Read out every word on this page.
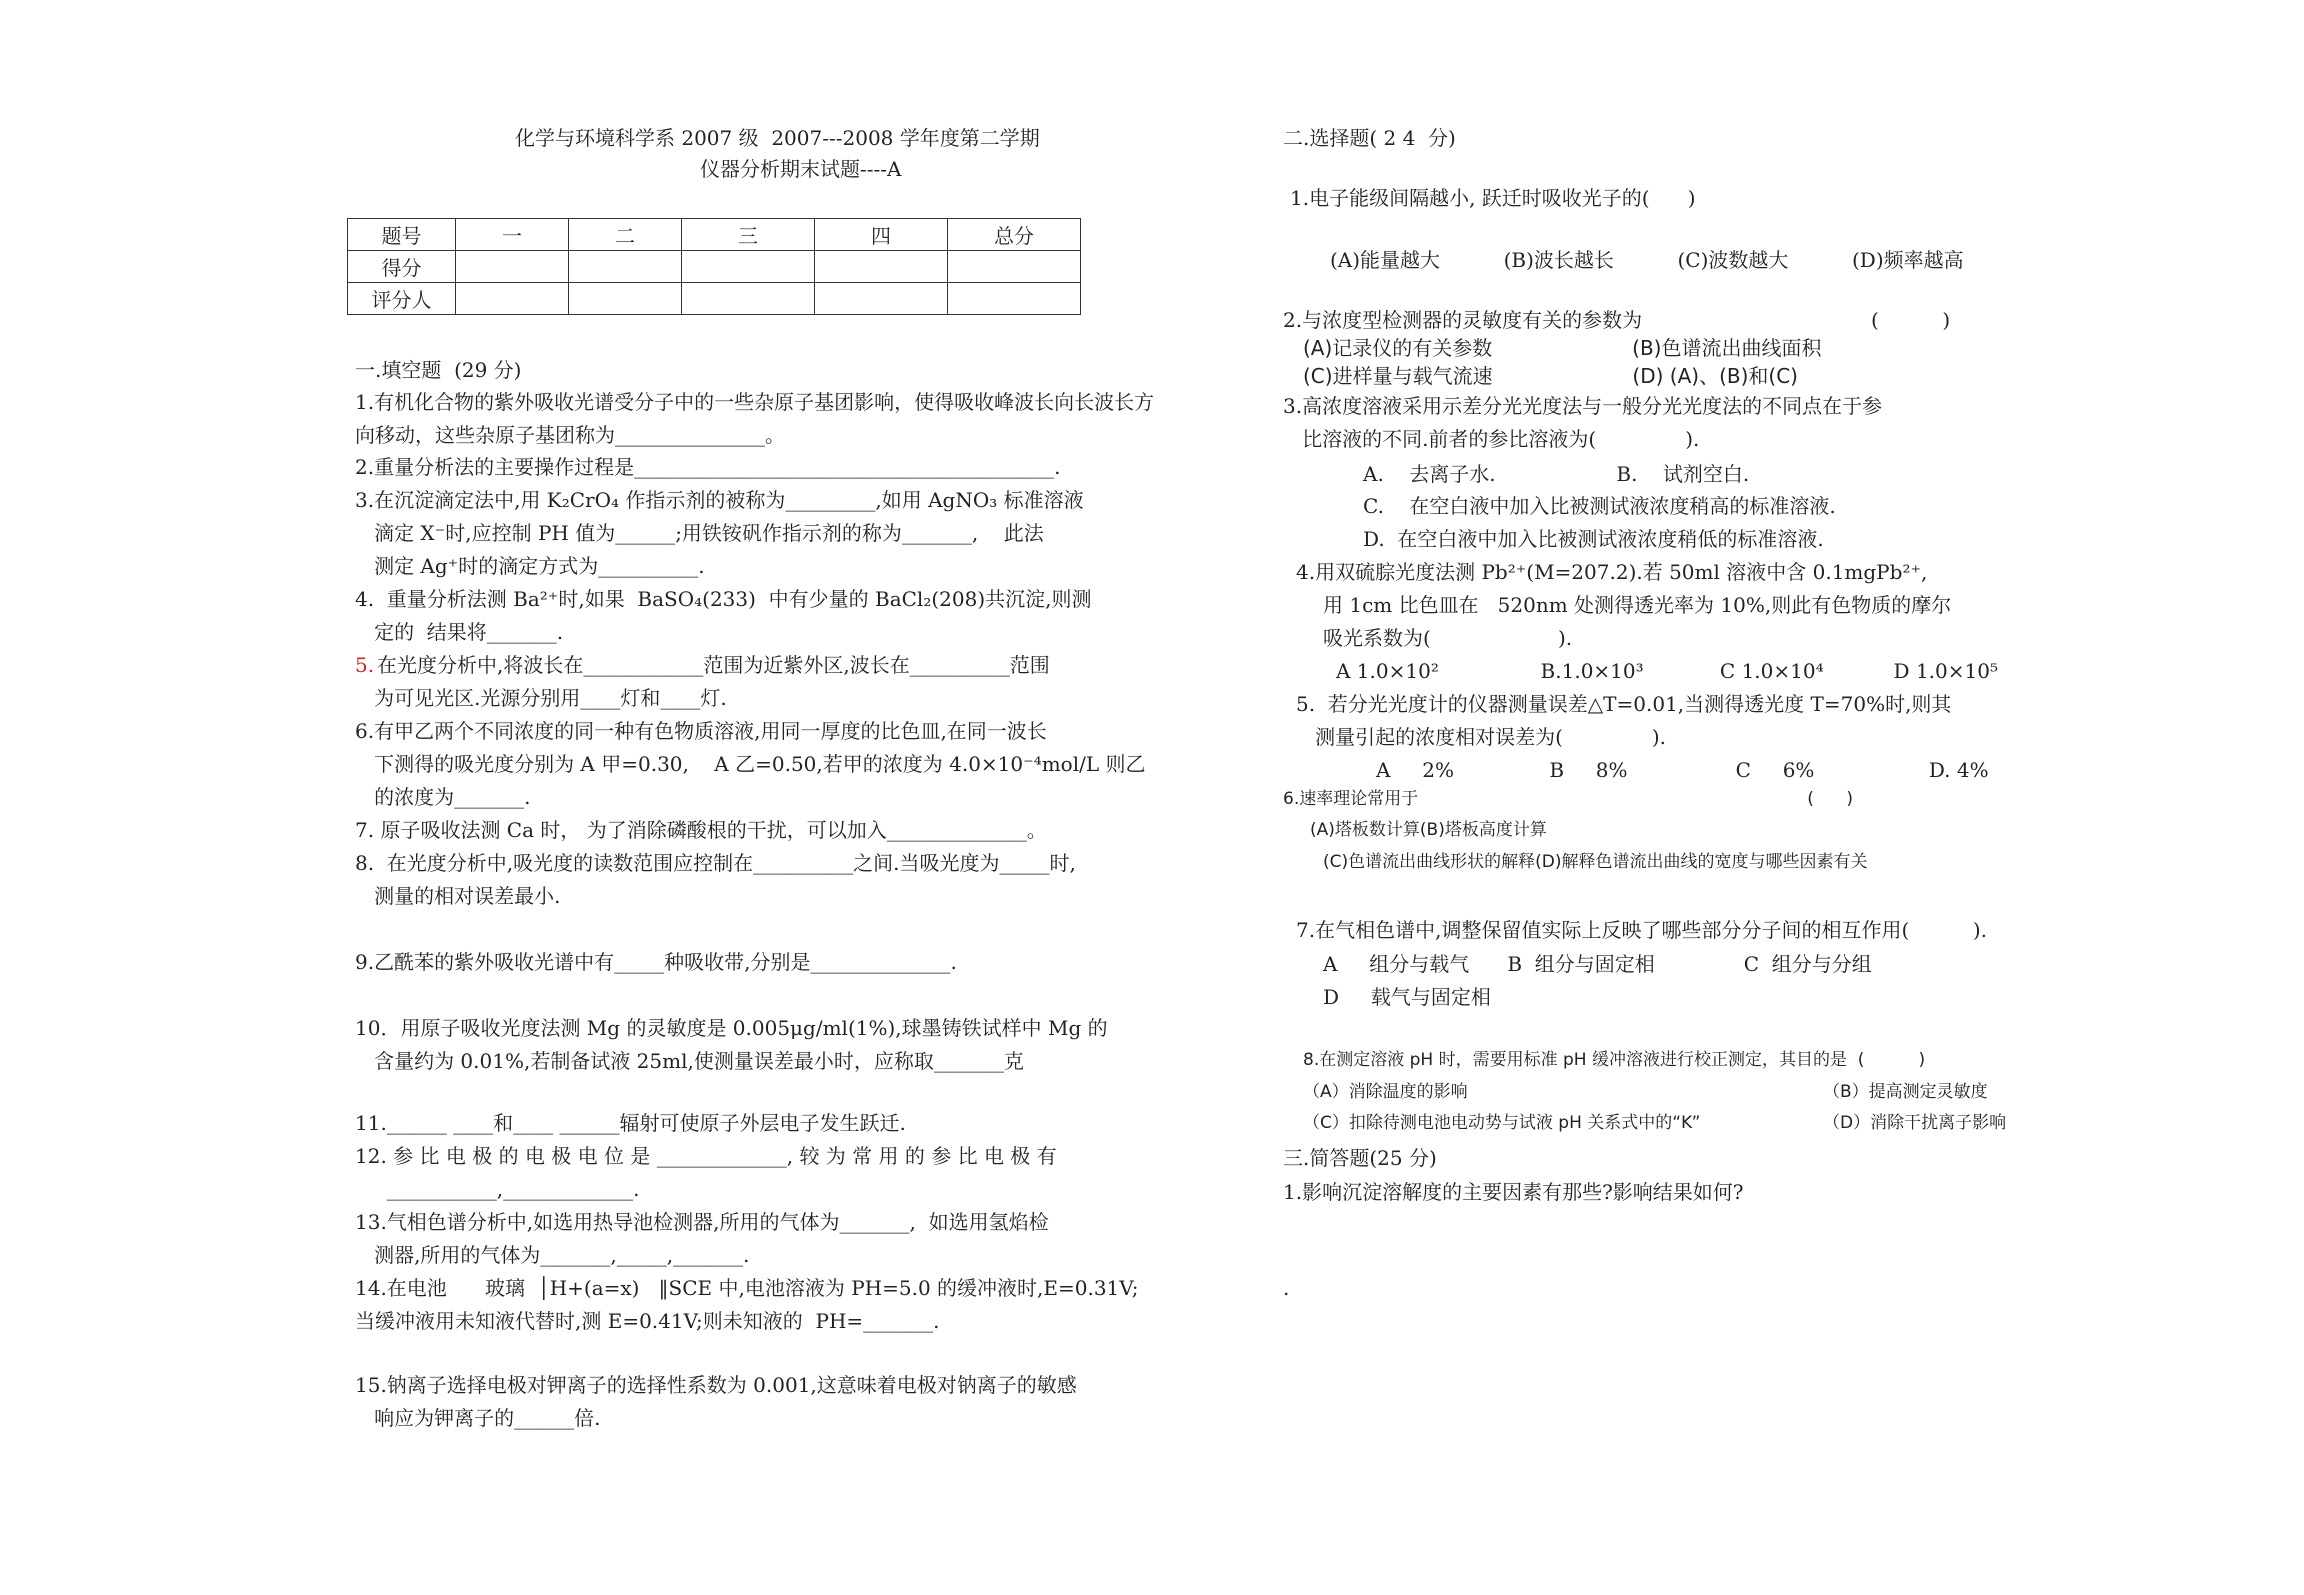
化学与环境科学系 2007 级  2007---2008 学年度第二学期
仪器分析期末试题----A
题号	一	二	三	四	总分
得分					
评分人					
一.填空题  (29 分)
1.有机化合物的紫外吸收光谱受分子中的一些杂原子基团影响，使得吸收峰波长向长波长方
向移动，这些杂原子基团称为_______________。
2.重量分析法的主要操作过程是__________________________________________.
3.在沉淀滴定法中,用 K₂CrO₄ 作指示剂的被称为_________,如用 AgNO₃ 标准溶液
滴定 X⁻时,应控制 PH 值为______;用铁铵矾作指示剂的称为_______,    此法
测定 Ag⁺时的滴定方式为__________.
4.  重量分析法测 Ba²⁺时,如果  BaSO₄(233)  中有少量的 BaCl₂(208)共沉淀,则测
定的  结果将_______.
5. 在光度分析中,将波长在____________范围为近紫外区,波长在__________范围
为可见光区.光源分别用____灯和____灯.
6.有甲乙两个不同浓度的同一种有色物质溶液,用同一厚度的比色皿,在同一波长
下测得的吸光度分别为 A 甲=0.30,    A 乙=0.50,若甲的浓度为 4.0×10⁻⁴mol/L 则乙
的浓度为_______.
7. 原子吸收法测 Ca 时， 为了消除磷酸根的干扰，可以加入______________。
8.  在光度分析中,吸光度的读数范围应控制在__________之间.当吸光度为_____时,
测量的相对误差最小.
9.乙酰苯的紫外吸收光谱中有_____种吸收带,分别是______________.
10．用原子吸收光度法测 Mg 的灵敏度是 0.005μg/ml(1%),球墨铸铁试样中 Mg 的
含量约为 0.01%,若制备试液 25ml,使测量误差最小时，应称取_______克
11.______ ____和____ ______辐射可使原子外层电子发生跃迁.
12. 参 比 电 极 的 电 极 电 位 是 _____________, 较 为 常 用 的 参 比 电 极 有
___________,_____________.
13.气相色谱分析中,如选用热导池检测器,所用的气体为_______,  如选用氢焰检
测器,所用的气体为_______,_____,_______.
14.在电池      玻璃  │H+(a=x)   ‖SCE 中,电池溶液为 PH=5.0 的缓冲液时,E=0.31V;
当缓冲液用未知液代替时,测 E=0.41V;则未知液的  PH=_______.
15.钠离子选择电极对钾离子的选择性系数为 0.001,这意味着电极对钠离子的敏感
响应为钾离子的______倍.
二.选择题( 2 4  分)
1.电子能级间隔越小, 跃迁时吸收光子的(      )
(A)能量越大          (B)波长越长          (C)波数越大          (D)频率越高
2.与浓度型检测器的灵敏度有关的参数为                                    (          )
(A)记录仪的有关参数                      (B)色谱流出曲线面积
(C)进样量与载气流速                      (D) (A)、(B)和(C)
3.高浓度溶液采用示差分光光度法与一般分光光度法的不同点在于参
比溶液的不同.前者的参比溶液为(              ).
A.    去离子水.                   B.    试剂空白.
C.    在空白液中加入比被测试液浓度稍高的标准溶液.
D.  在空白液中加入比被测试液浓度稍低的标准溶液.
4.用双硫腙光度法测 Pb²⁺(M=207.2).若 50ml 溶液中含 0.1mgPb²⁺,
用 1cm 比色皿在   520nm 处测得透光率为 10%,则此有色物质的摩尔
吸光系数为(                    ).
A 1.0×10²                B.1.0×10³            C 1.0×10⁴           D 1.0×10⁵
5.  若分光光度计的仪器测量误差△T=0.01,当测得透光度 T=70%时,则其
测量引起的浓度相对误差为(              ).
A     2%               B     8%                 C     6%                  D. 4%
6.速率理论常用于                                                                        (      )
(A)塔板数计算(B)塔板高度计算
(C)色谱流出曲线形状的解释(D)解释色谱流出曲线的宽度与哪些因素有关
7.在气相色谱中,调整保留值实际上反映了哪些部分分子间的相互作用(          ).
A     组分与载气      B  组分与固定相              C  组分与分组
D     载气与固定相
8.在测定溶液 pH 时，需要用标准 pH 缓冲溶液进行校正测定，其目的是  (          )
（A）消除温度的影响	（B）提高测定灵敏度
（C）扣除待测电池电动势与试液 pH 关系式中的“K”	（D）消除干扰离子影响
三.简答题(25 分)
1.影响沉淀溶解度的主要因素有那些?影响结果如何?
.
